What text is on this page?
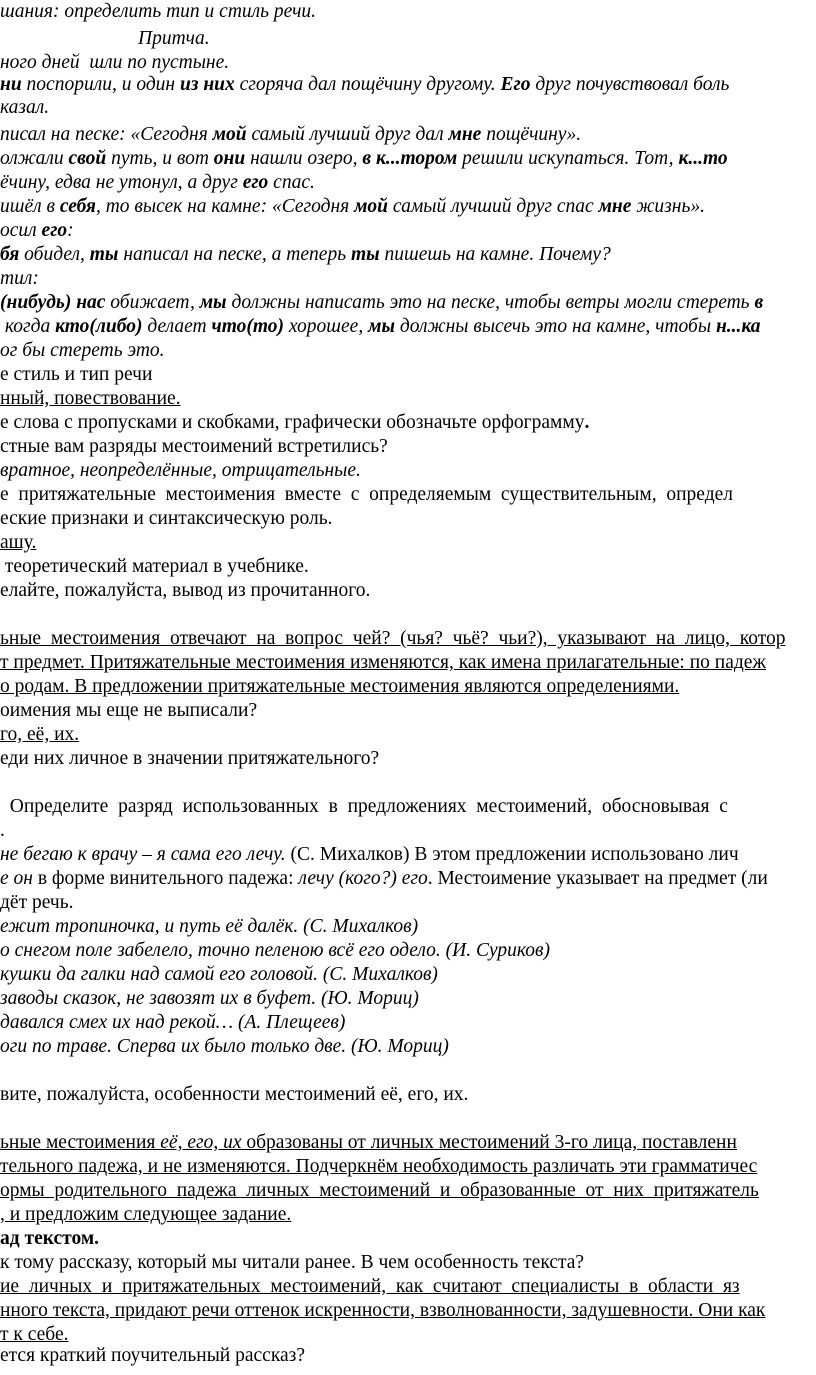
шания: определить тип и стиль речи.
Притча.
ного дней  шли по пустыне.
ни поспорили, и один из них сгоряча дал пощёчину другому. Его друг почувствовал боль
казал.
писал на песке: «Сегодня мой самый лучший друг дал мне пощёчину».
олжали свой путь, и вот они нашли озеро, в к...тором решили искупаться. Тот, к...то
ёчину, едва не утонул, а друг его спас.
ишёл в себя, то высек на камне: «Сегодня мой самый лучший друг спас мне жизнь».
осил его:
бя обидел, ты написал на песке, а теперь ты пишешь на камне. Почему?
тил:
(нибудь) нас обижает, мы должны написать это на песке, чтобы ветры могли стереть в
когда кто(либо) делает что(то) хорошее, мы должны высечь это на камне, чтобы н...ка
ог бы стереть это.
е стиль и тип речи
нный, повествование.
е слова с пропусками и скобками, графически обозначьте орфограмму.
стные вам разряды местоимений встретились?
вратное, неопределённые, отрицательные.
е  притяжательные  местоимения  вместе  с  определяемым  существительным,  определ
еские признаки и синтаксическую роль.
ашу.
теоретический материал в учебнике.
елайте, пожалуйста, вывод из прочитанного.
ьные  местоимения  отвечают  на  вопрос  чей?  (чья?  чьё?  чьи?),  указывают  на  лицо,  котор
т предмет. Притяжательные местоимения изменяются, как имена прилагательные: по падеж
о родам. В предложении притяжательные местоимения являются определениями.
оимения мы еще не выписали?
го, её, их.
еди них личное в значении притяжательного?
Определите  разряд  использованных  в  предложениях  местоимений,  обосновывая  с
.
не бегаю к врачу – я сама его лечу. (С. Михалков) В этом предложении использовано лич
е он в форме винительного падежа: лечу (кого?) его. Местоимение указывает на предмет (ли
дёт речь.
ежит тропиночка, и путь её далёк. (С. Михалков)
о снегом поле забелело, точно пеленою всё его одело. (И. Суриков)
кушки да галки над самой его головой. (С. Михалков)
заводы сказок, не завозят их в буфет. (Ю. Мориц)
давался смех их над рекой… (А. Плещеев)
оги по траве. Сперва их было только две. (Ю. Мориц)
вите, пожалуйста, особенности местоимений её, его, их.
ьные местоимения её, его, их образованы от личных местоимений 3-го лица, поставленн
тельного падежа, и не изменяются. Подчеркнём необходимость различать эти грамматичес
ормы  родительного  падежа  личных  местоимений  и  образованные  от  них  притяжатель
, и предложим следующее задание.
ад текстом.
к тому рассказу, который мы читали ранее. В чем особенность текста?
ие  личных  и  притяжательных  местоимений,  как  считают  специалисты  в  области  яз
нного текста, придают речи оттенок искренности, взволнованности, задушевности. Они как
т к себе.
ется краткий поучительный рассказ?
